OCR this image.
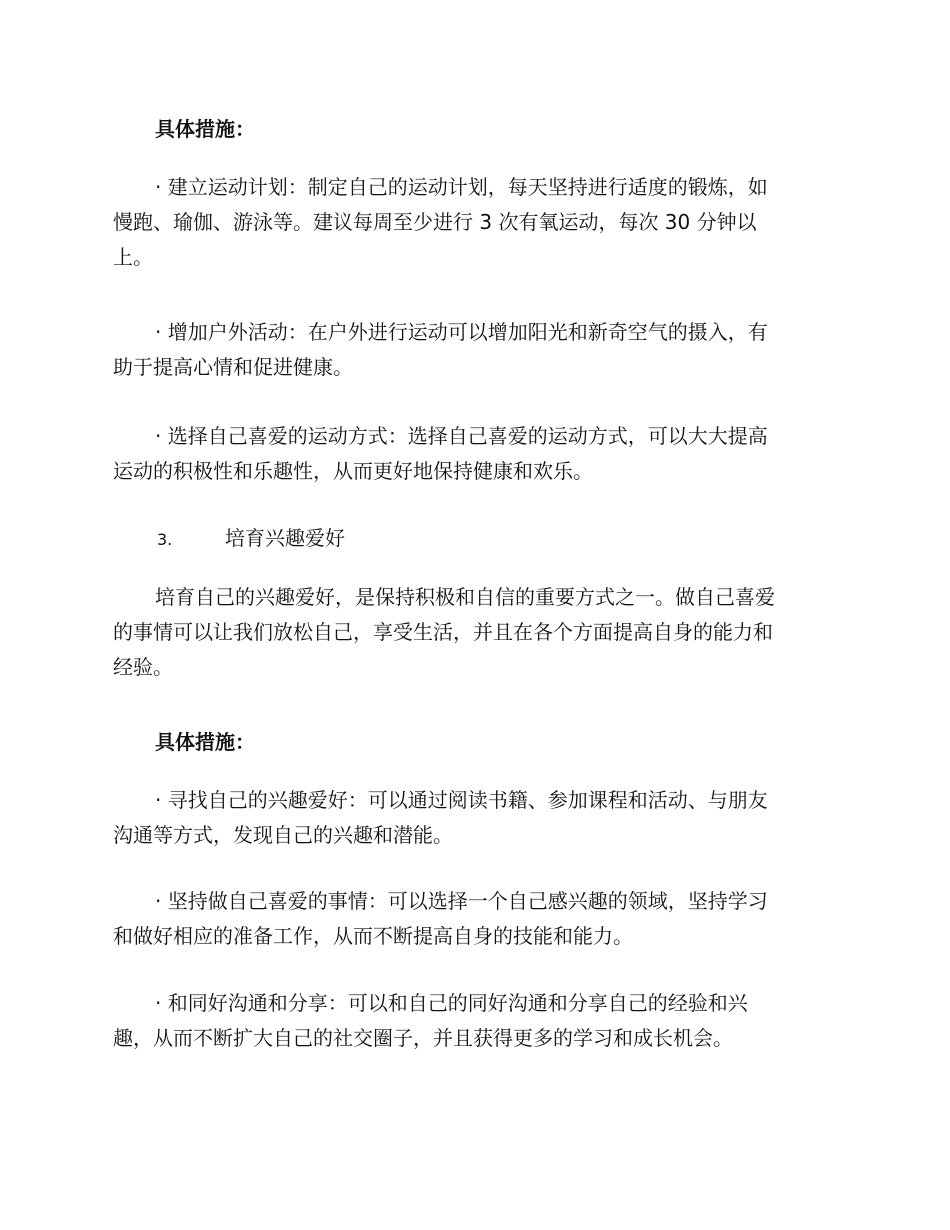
具体措施：
· 建立运动计划：制定自己的运动计划，每天坚持进行适度的锻炼，如
慢跑、瑜伽、游泳等。建议每周至少进行 3 次有氧运动，每次 30 分钟以
上。
· 增加户外活动：在户外进行运动可以增加阳光和新奇空气的摄入，有
助于提高心情和促进健康。
· 选择自己喜爱的运动方式：选择自己喜爱的运动方式，可以大大提高
运动的积极性和乐趣性，从而更好地保持健康和欢乐。
3.	培育兴趣爱好
培育自己的兴趣爱好，是保持积极和自信的重要方式之一。做自己喜爱
的事情可以让我们放松自己，享受生活，并且在各个方面提高自身的能力和
经验。
具体措施：
· 寻找自己的兴趣爱好：可以通过阅读书籍、参加课程和活动、与朋友
沟通等方式，发现自己的兴趣和潜能。
· 坚持做自己喜爱的事情：可以选择一个自己感兴趣的领域，坚持学习
和做好相应的准备工作，从而不断提高自身的技能和能力。
· 和同好沟通和分享：可以和自己的同好沟通和分享自己的经验和兴
趣，从而不断扩大自己的社交圈子，并且获得更多的学习和成长机会。
